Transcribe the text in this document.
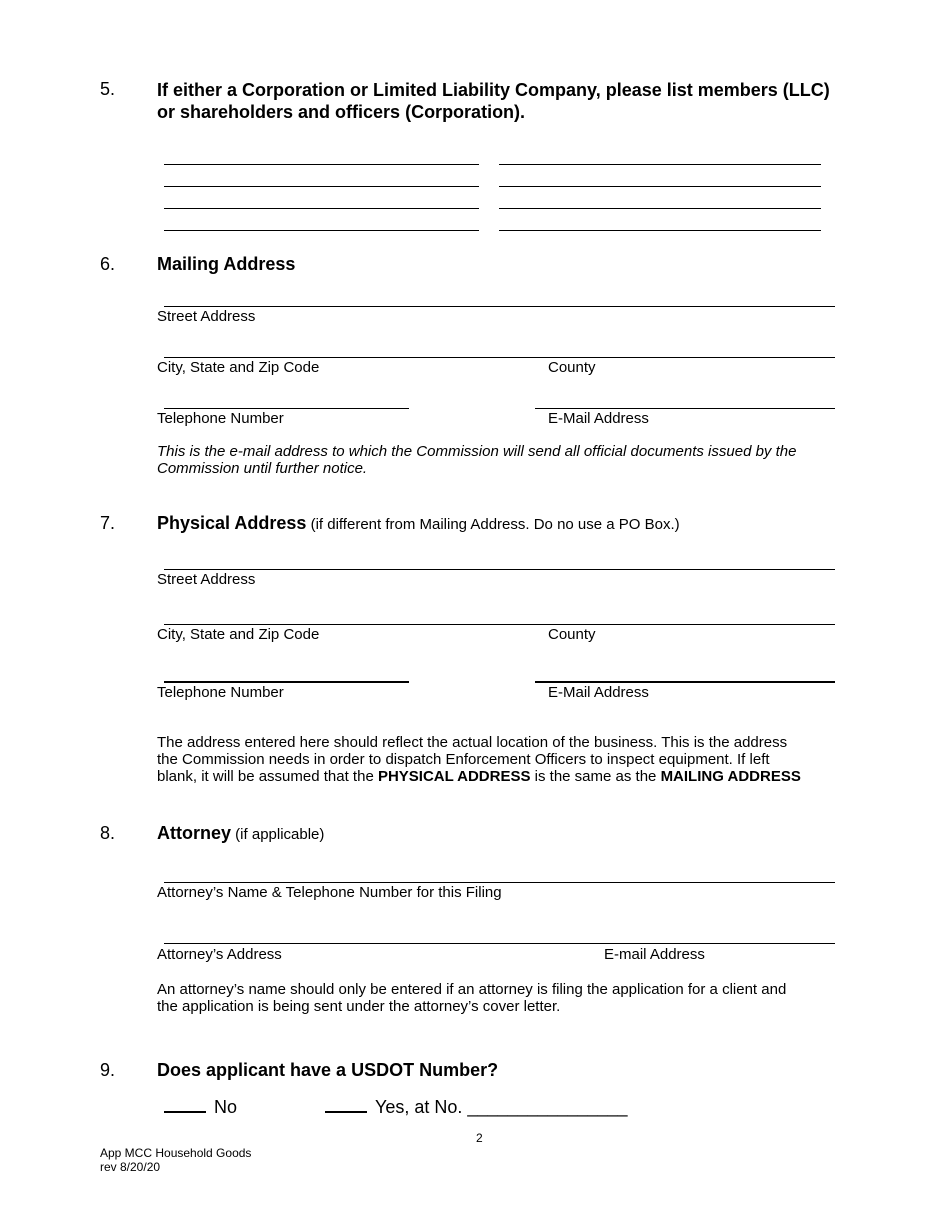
5. If either a Corporation or Limited Liability Company, please list members (LLC)
or shareholders and officers (Corporation).
6. Mailing Address
Street Address
City, State and Zip Code	County
Telephone Number	E-Mail Address
This is the e-mail address to which the Commission will send all official documents issued by the
Commission until further notice.
7. Physical Address (if different from Mailing Address. Do no use a PO Box.)
Street Address
City, State and Zip Code	County
Telephone Number	E-Mail Address
The address entered here should reflect the actual location of the business. This is the address
the Commission needs in order to dispatch Enforcement Officers to inspect equipment. If left
blank, it will be assumed that the PHYSICAL ADDRESS is the same as the MAILING ADDRESS
8. Attorney (if applicable)
Attorney’s Name & Telephone Number for this Filing
Attorney’s Address	E-mail Address
An attorney’s name should only be entered if an attorney is filing the application for a client and
the application is being sent under the attorney’s cover letter.
9. Does applicant have a USDOT Number?
No	Yes, at No. ________________
2
App MCC Household Goods
rev 8/20/20
